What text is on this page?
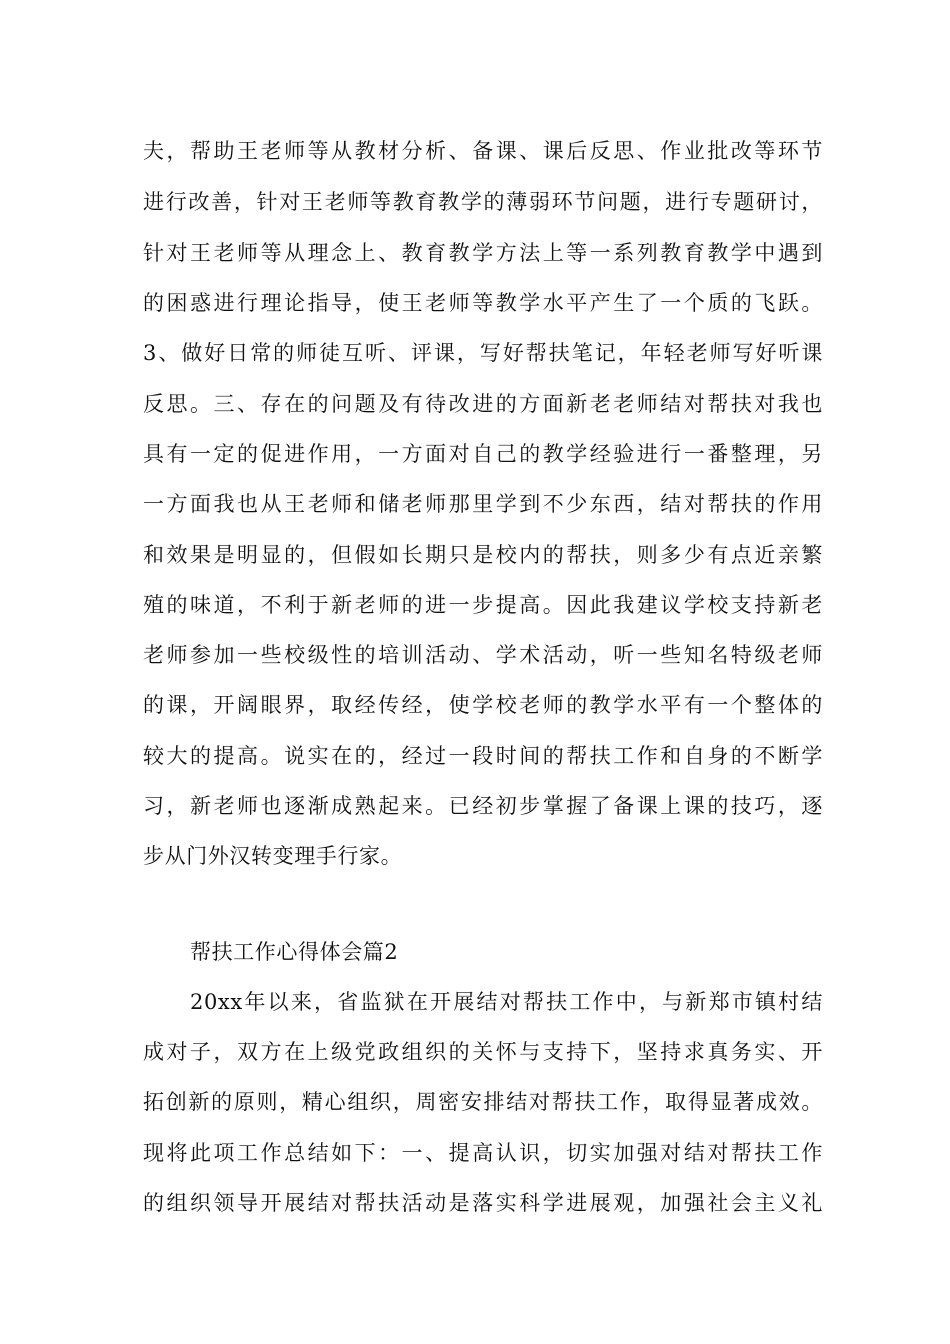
夫，帮助王老师等从教材分析、备课、课后反思、作业批改等环节
进行改善，针对王老师等教育教学的薄弱环节问题，进行专题研讨，
针对王老师等从理念上、教育教学方法上等一系列教育教学中遇到
的困惑进行理论指导，使王老师等教学水平产生了一个质的飞跃。
3、做好日常的师徒互听、评课，写好帮扶笔记，年轻老师写好听课
反思。三、存在的问题及有待改进的方面新老老师结对帮扶对我也
具有一定的促进作用，一方面对自己的教学经验进行一番整理，另
一方面我也从王老师和储老师那里学到不少东西，结对帮扶的作用
和效果是明显的，但假如长期只是校内的帮扶，则多少有点近亲繁
殖的味道，不利于新老师的进一步提高。因此我建议学校支持新老
老师参加一些校级性的培训活动、学术活动，听一些知名特级老师
的课，开阔眼界，取经传经，使学校老师的教学水平有一个整体的
较大的提高。说实在的，经过一段时间的帮扶工作和自身的不断学
习，新老师也逐渐成熟起来。已经初步掌握了备课上课的技巧，逐
步从门外汉转变理手行家。
帮扶工作心得体会篇2
20xx年以来，省监狱在开展结对帮扶工作中，与新郑市镇村结
成对子，双方在上级党政组织的关怀与支持下，坚持求真务实、开
拓创新的原则，精心组织，周密安排结对帮扶工作，取得显著成效。
现将此项工作总结如下：一、提高认识，切实加强对结对帮扶工作
的组织领导开展结对帮扶活动是落实科学进展观，加强社会主义礼
